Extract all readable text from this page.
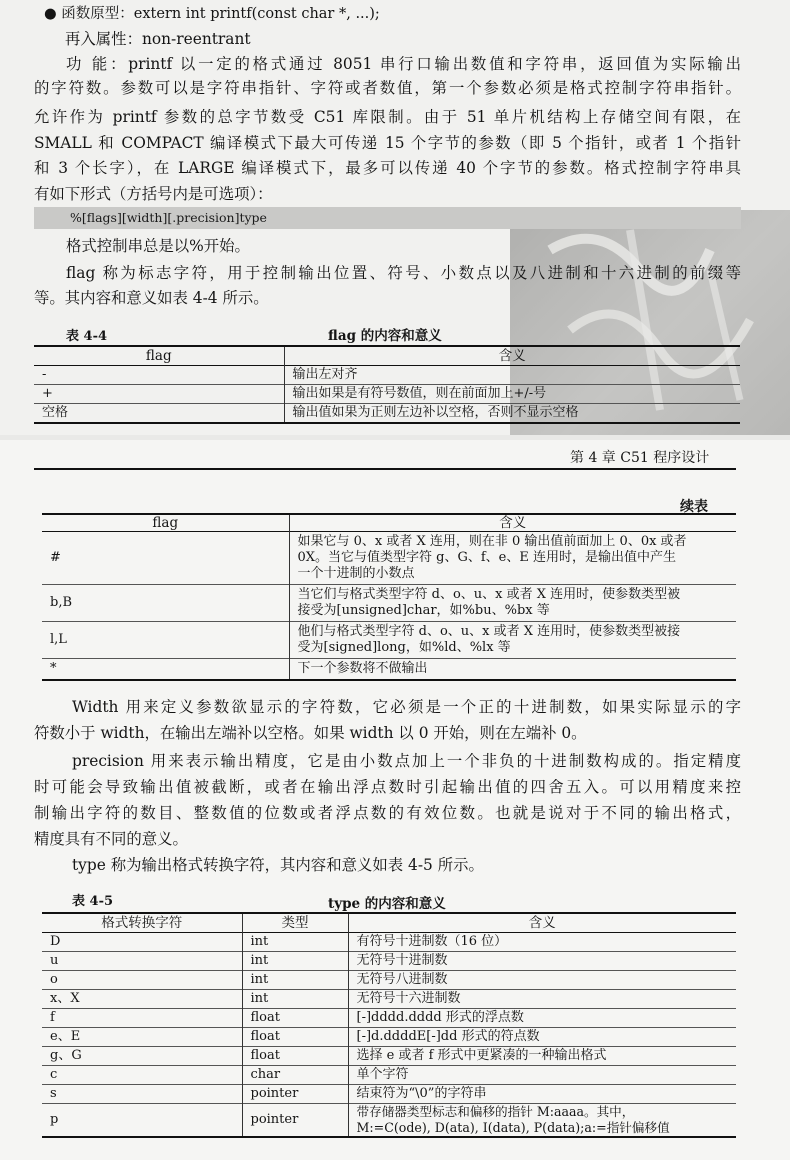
● 函数原型：extern int printf(const char *, ...);
再入属性：non-reentrant
功 能：printf 以一定的格式通过 8051 串行口输出数值和字符串，返回值为实际输出
的字符数。参数可以是字符串指针、字符或者数值，第一个参数必须是格式控制字符串指针。
允许作为 printf 参数的总字节数受 C51 库限制。由于 51 单片机结构上存储空间有限，在
SMALL 和 COMPACT 编译模式下最大可传递 15 个字节的参数（即 5 个指针，或者 1 个指针
和 3 个长字），在 LARGE 编译模式下，最多可以传递 40 个字节的参数。格式控制字符串具
有如下形式（方括号内是可选项）：
%[flags][width][.precision]type
格式控制串总是以%开始。
flag 称为标志字符，用于控制输出位置、符号、小数点以及八进制和十六进制的前缀等
等。其内容和意义如表 4-4 所示。
表 4-4	flag 的内容和意义
flag	含义
-	输出左对齐
+	输出如果是有符号数值，则在前面加上+/-号
空格	输出值如果为正则左边补以空格，否则不显示空格
第 4 章 C51 程序设计
续表
flag	含义
#	如果它与 0、x 或者 X 连用，则在非 0 输出值前面加上 0、0x 或者
0X。当它与值类型字符 g、G、f、e、E 连用时，是输出值中产生
一个十进制的小数点

b,B	当它们与格式类型字符 d、o、u、x 或者 X 连用时，使参数类型被
接受为[unsigned]char，如%bu、%bx 等

l,L	他们与格式类型字符 d、o、u、x 或者 X 连用时，使参数类型被接
受为[signed]long，如%ld、%lx 等

*	下一个参数将不做输出
Width 用来定义参数欲显示的字符数，它必须是一个正的十进制数，如果实际显示的字
符数小于 width，在输出左端补以空格。如果 width 以 0 开始，则在左端补 0。
precision 用来表示输出精度，它是由小数点加上一个非负的十进制数构成的。指定精度
时可能会导致输出值被截断，或者在输出浮点数时引起输出值的四舍五入。可以用精度来控
制输出字符的数目、整数值的位数或者浮点数的有效位数。也就是说对于不同的输出格式，
精度具有不同的意义。
type 称为输出格式转换字符，其内容和意义如表 4-5 所示。
表 4-5	type 的内容和意义
格式转换字符	类型	含义
D	int	有符号十进制数（16 位）
u	int	无符号十进制数
o	int	无符号八进制数
x、X	int	无符号十六进制数
f	float	[-]dddd.dddd 形式的浮点数
e、E	float	[-]d.ddddE[-]dd 形式的符点数
g、G	float	选择 e 或者 f 形式中更紧凑的一种输出格式
c	char	单个字符
s	pointer	结束符为“\0”的字符串
p	pointer	带存储器类型标志和偏移的指针 M:aaaa。其中，
M:=C(ode), D(ata), I(data), P(data);a:=指针偏移值
